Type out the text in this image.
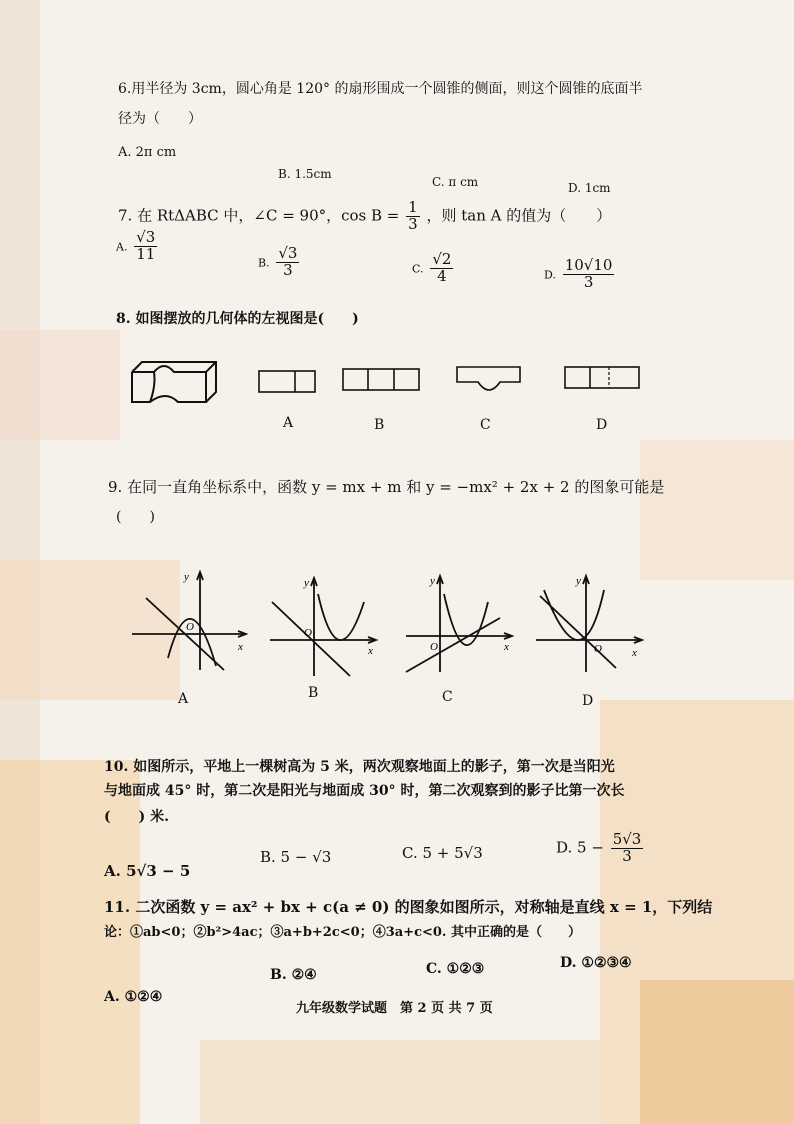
6.用半径为 3cm，圆心角是 120° 的扇形围成一个圆锥的侧面，则这个圆锥的底面半
径为（　　）
A. 2π cm
B. 1.5cm
C. π cm	D. 1cm
7. 在 RtΔABC 中，∠C = 90°，$\cos B = \frac{1}{3}$ ，则 tan A 的值为（　　）
A. $\frac{√3}{11}$
B. $\frac{√3}{3}$	C. $\frac{√2}{4}$	D. $\frac{10√10}{3}$
8. 如图摆放的几何体的左视图是(　　)
A	B	C	D
9. 在同一直角坐标系中，函数 y = mx + m 和 y = −mx² + 2x + 2 的图象可能是
(　　)
y
x
O
y
x
O
y
x
O
y
x
O
A	B	C	D
10. 如图所示，平地上一棵树高为 5 米，两次观察地面上的影子，第一次是当阳光
与地面成 45° 时，第二次是阳光与地面成 30° 时，第二次观察到的影子比第一次长
(　　) 米.
A. 5√3 − 5
B. 5 − √3	C. 5 + 5√3	D. $5 - \frac{5√3}{3}$
11. 二次函数 y = ax² + bx + c(a ≠ 0) 的图象如图所示，对称轴是直线 x = 1，下列结
论：①ab<0；②b²>4ac；③a+b+2c<0；④3a+c<0. 其中正确的是（　　）
A. ①②④
B. ②④	C. ①②③	D. ①②③④
九年级数学试题　第 2 页 共 7 页
